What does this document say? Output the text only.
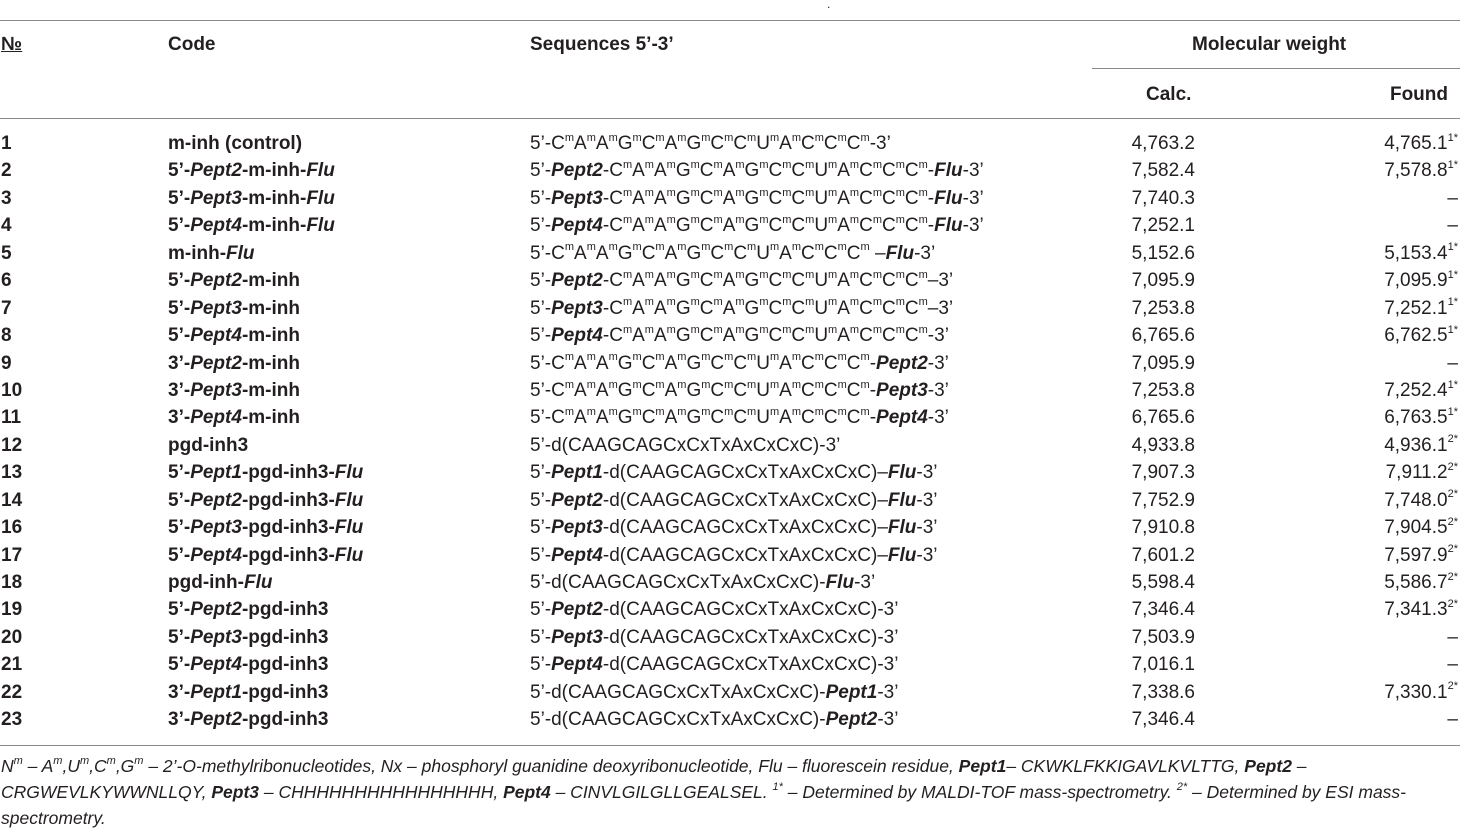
.
№	Code	Sequences 5’-3’	Molecular weight
Calc.	Found
1	m-inh (control)	$5’-C^mA^mA^mG^mC^mA^mG^mC^mC^mU^mA^mC^mC^mC^m-3$’	4,763.2	$4,765.1^{1*}$
2	5’-Pept2-m-inh-Flu	$5’-Pept2-C^mA^mA^mG^mC^mA^mG^mC^mC^mU^mA^mC^mC^mC^m-Flu-3$’	7,582.4	$7,578.8^{1*}$
3	5’-Pept3-m-inh-Flu	$5’-Pept3-C^mA^mA^mG^mC^mA^mG^mC^mC^mU^mA^mC^mC^mC^m-Flu-3$’	7,740.3	–
4	5’-Pept4-m-inh-Flu	$5’-Pept4-C^mA^mA^mG^mC^mA^mG^mC^mC^mU^mA^mC^mC^mC^m-Flu-3$’	7,252.1	–
5	m-inh-Flu	$5’-C^mA^mA^mG^mC^mA^mG^mC^mC^mU^mA^mC^mC^mC^m$ –Flu-3’	5,152.6	$5,153.4^{1*}$
6	5’-Pept2-m-inh	$5’-Pept2-C^mA^mA^mG^mC^mA^mG^mC^mC^mU^mA^mC^mC^mC^m-3$’	7,095.9	$7,095.9^{1*}$
7	5’-Pept3-m-inh	$5’-Pept3-C^mA^mA^mG^mC^mA^mG^mC^mC^mU^mA^mC^mC^mC^m-3$’	7,253.8	$7,252.1^{1*}$
8	5’-Pept4-m-inh	$5’-Pept4-C^mA^mA^mG^mC^mA^mG^mC^mC^mU^mA^mC^mC^mC^m-3$’	6,765.6	$6,762.5^{1*}$
9	3’-Pept2-m-inh	$5’-C^mA^mA^mG^mC^mA^mG^mC^mC^mU^mA^mC^mC^mC^m-Pept2-3$’	7,095.9	–
10	3’-Pept3-m-inh	$5’-C^mA^mA^mG^mC^mA^mG^mC^mC^mU^mA^mC^mC^mC^m-Pept3-3$’	7,253.8	$7,252.4^{1*}$
11	3’-Pept4-m-inh	$5’-C^mA^mA^mG^mC^mA^mG^mC^mC^mU^mA^mC^mC^mC^m-Pept4-3$’	6,765.6	$6,763.5^{1*}$
12	pgd-inh3	5’-d(CAAGCAGCxCxTxAxCxCxC)-3’	4,933.8	$4,936.1^{2*}$
13	5’-Pept1-pgd-inh3-Flu	5’-Pept1-d(CAAGCAGCxCxTxAxCxCxC)–Flu-3’	7,907.3	$7,911.2^{2*}$
14	5’-Pept2-pgd-inh3-Flu	5’-Pept2-d(CAAGCAGCxCxTxAxCxCxC)–Flu-3’	7,752.9	$7,748.0^{2*}$
16	5’-Pept3-pgd-inh3-Flu	5’-Pept3-d(CAAGCAGCxCxTxAxCxCxC)–Flu-3’	7,910.8	$7,904.5^{2*}$
17	5’-Pept4-pgd-inh3-Flu	5’-Pept4-d(CAAGCAGCxCxTxAxCxCxC)–Flu-3’	7,601.2	$7,597.9^{2*}$
18	pgd-inh-Flu	5’-d(CAAGCAGCxCxTxAxCxCxC)-Flu-3’	5,598.4	$5,586.7^{2*}$
19	5’-Pept2-pgd-inh3	5’-Pept2-d(CAAGCAGCxCxTxAxCxCxC)-3’	7,346.4	$7,341.3^{2*}$
20	5’-Pept3-pgd-inh3	5’-Pept3-d(CAAGCAGCxCxTxAxCxCxC)-3’	7,503.9	–
21	5’-Pept4-pgd-inh3	5’-Pept4-d(CAAGCAGCxCxTxAxCxCxC)-3’	7,016.1	–
22	3’-Pept1-pgd-inh3	5’-d(CAAGCAGCxCxTxAxCxCxC)-Pept1-3’	7,338.6	$7,330.1^{2*}$
23	3’-Pept2-pgd-inh3	5’-d(CAAGCAGCxCxTxAxCxCxC)-Pept2-3’	7,346.4	–
$N^m - A^m,U^m,C^m,G^m$ – 2’-O-methylribonucleotides, Nx – phosphoryl guanidine deoxyribonucleotide, Flu – fluorescein residue, Pept1– CKWKLFKKIGAVLKVLTTG, Pept2 – CRGWEVLKYWWNLLQY, Pept3 – CHHHHHHHHHHHHHHHH, Pept4 – CINVLGILGLLGEALSEL. $^{1*}$ – Determined by MALDI-TOF mass-spectrometry. $^{2*}$ – Determined by ESI mass-spectrometry.
